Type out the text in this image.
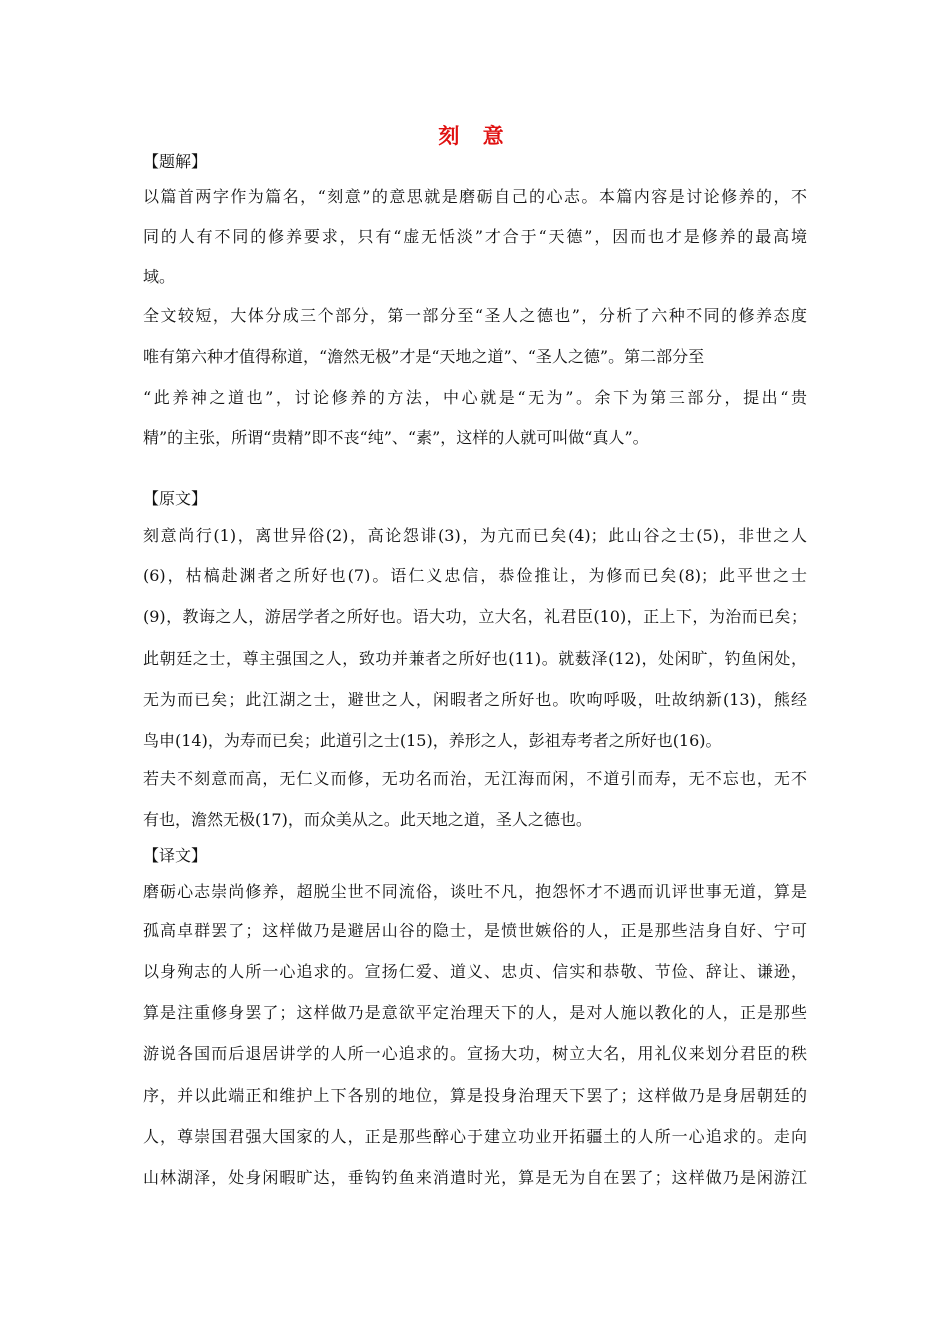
刻 意
【题解】
以篇首两字作为篇名，“刻意”的意思就是磨砺自己的心志。本篇内容是讨论修养的，不
同的人有不同的修养要求，只有“虚无恬淡”才合于“天德”，因而也才是修养的最高境
域。
全文较短，大体分成三个部分，第一部分至“圣人之德也”，分析了六种不同的修养态度
唯有第六种才值得称道，“澹然无极”才是“天地之道”、“圣人之德”。第二部分至
“此养神之道也”，讨论修养的方法，中心就是“无为”。余下为第三部分，提出“贵
精”的主张，所谓“贵精”即不丧“纯”、“素”，这样的人就可叫做“真人”。
【原文】
刻意尚行(1)，离世异俗(2)，高论怨诽(3)，为亢而已矣(4)；此山谷之士(5)，非世之人
(6)，枯槁赴渊者之所好也(7)。语仁义忠信，恭俭推让，为修而已矣(8)；此平世之士
(9)，教诲之人，游居学者之所好也。语大功，立大名，礼君臣(10)，正上下，为治而已矣；
此朝廷之士，尊主强国之人，致功并兼者之所好也(11)。就薮泽(12)，处闲旷，钓鱼闲处，
无为而已矣；此江湖之士，避世之人，闲暇者之所好也。吹呴呼吸，吐故纳新(13)，熊经
鸟申(14)，为寿而已矣；此道引之士(15)，养形之人，彭祖寿考者之所好也(16)。
若夫不刻意而高，无仁义而修，无功名而治，无江海而闲，不道引而寿，无不忘也，无不
有也，澹然无极(17)，而众美从之。此天地之道，圣人之德也。
【译文】
磨砺心志崇尚修养，超脱尘世不同流俗，谈吐不凡，抱怨怀才不遇而讥评世事无道，算是
孤高卓群罢了；这样做乃是避居山谷的隐士，是愤世嫉俗的人，正是那些洁身自好、宁可
以身殉志的人所一心追求的。宣扬仁爱、道义、忠贞、信实和恭敬、节俭、辞让、谦逊，
算是注重修身罢了；这样做乃是意欲平定治理天下的人，是对人施以教化的人，正是那些
游说各国而后退居讲学的人所一心追求的。宣扬大功，树立大名，用礼仪来划分君臣的秩
序，并以此端正和维护上下各别的地位，算是投身治理天下罢了；这样做乃是身居朝廷的
人，尊崇国君强大国家的人，正是那些醉心于建立功业开拓疆土的人所一心追求的。走向
山林湖泽，处身闲暇旷达，垂钩钓鱼来消遣时光，算是无为自在罢了；这样做乃是闲游江
